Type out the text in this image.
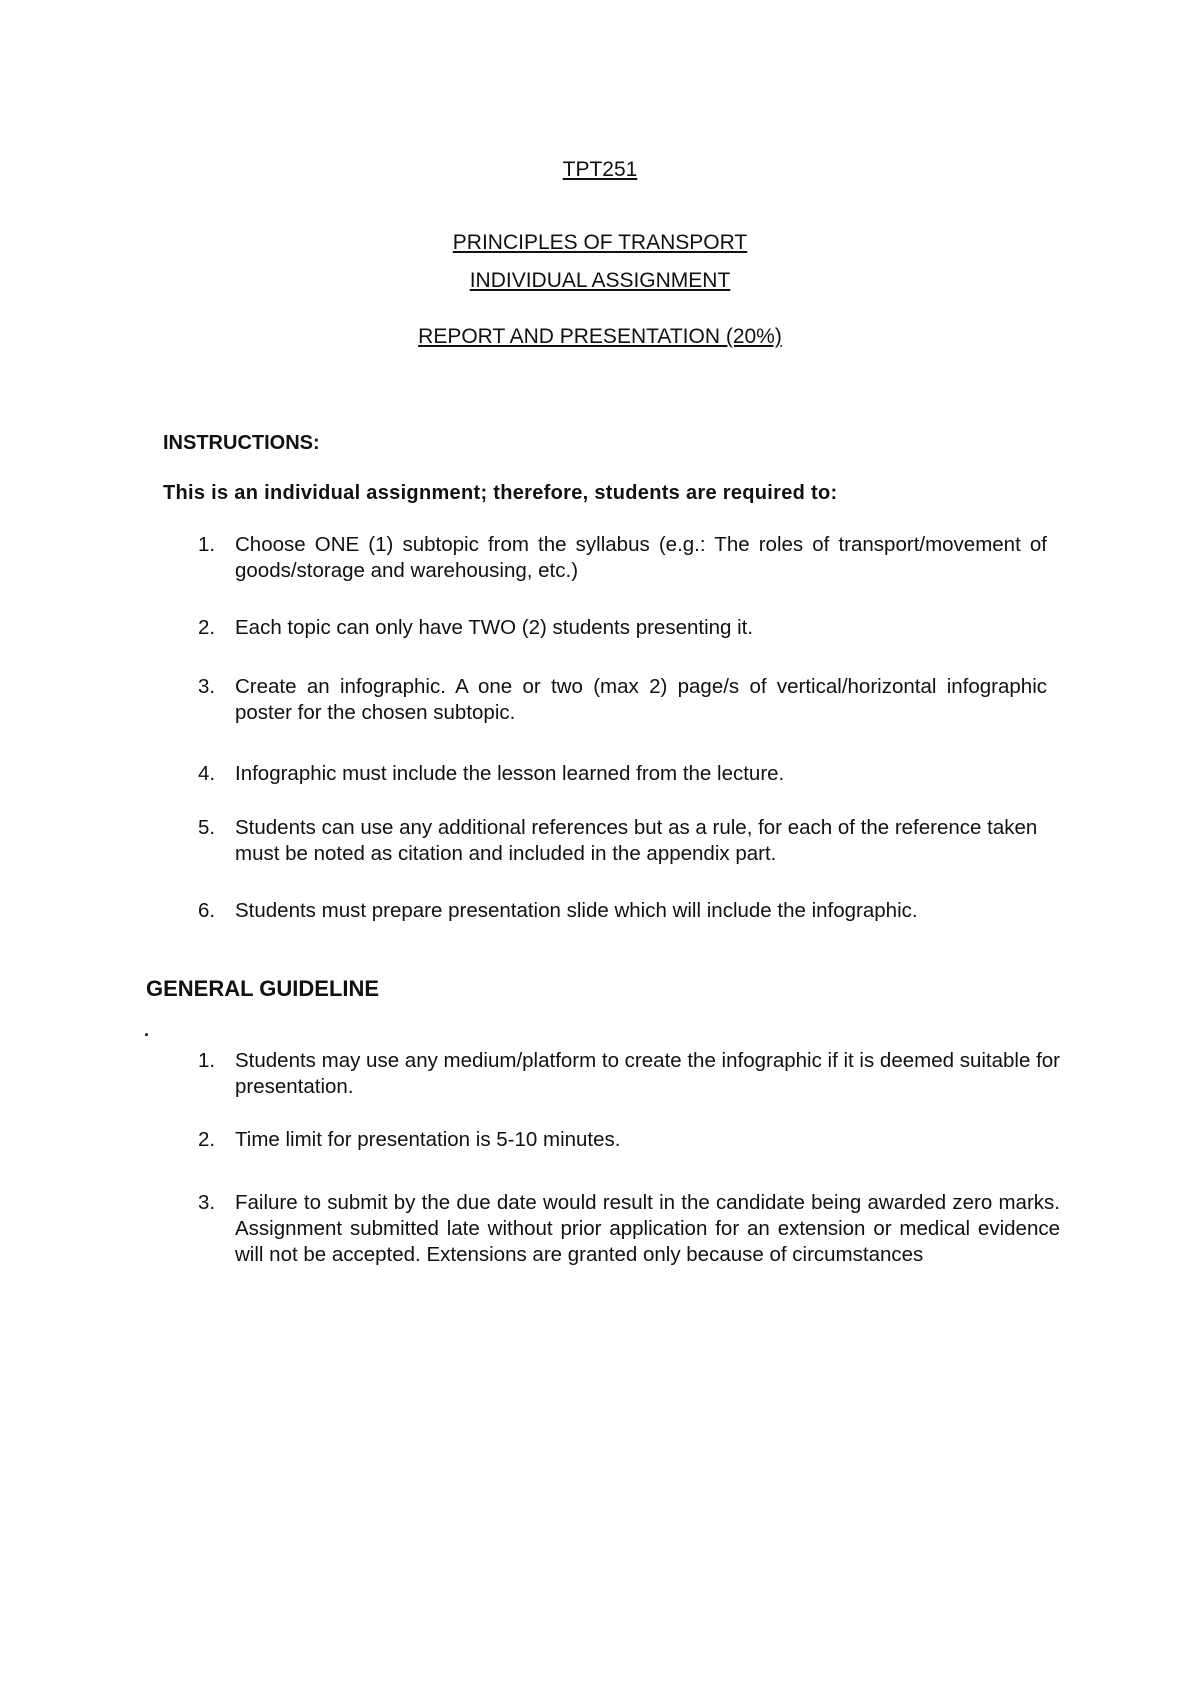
TPT251
PRINCIPLES OF TRANSPORT
INDIVIDUAL ASSIGNMENT
REPORT AND PRESENTATION (20%)
INSTRUCTIONS:
This is an individual assignment; therefore, students are required to:
1. Choose ONE (1) subtopic from the syllabus (e.g.: The roles of transport/movement of goods/storage and warehousing, etc.)
2. Each topic can only have TWO (2) students presenting it.
3. Create an infographic. A one or two (max 2) page/s of vertical/horizontal infographic poster for the chosen subtopic.
4. Infographic must include the lesson learned from the lecture.
5. Students can use any additional references but as a rule, for each of the reference taken must be noted as citation and included in the appendix part.
6. Students must prepare presentation slide which will include the infographic.
GENERAL GUIDELINE
.
1. Students may use any medium/platform to create the infographic if it is deemed suitable for presentation.
2. Time limit for presentation is 5-10 minutes.
3. Failure to submit by the due date would result in the candidate being awarded zero marks. Assignment submitted late without prior application for an extension or medical evidence will not be accepted. Extensions are granted only because of circumstances
